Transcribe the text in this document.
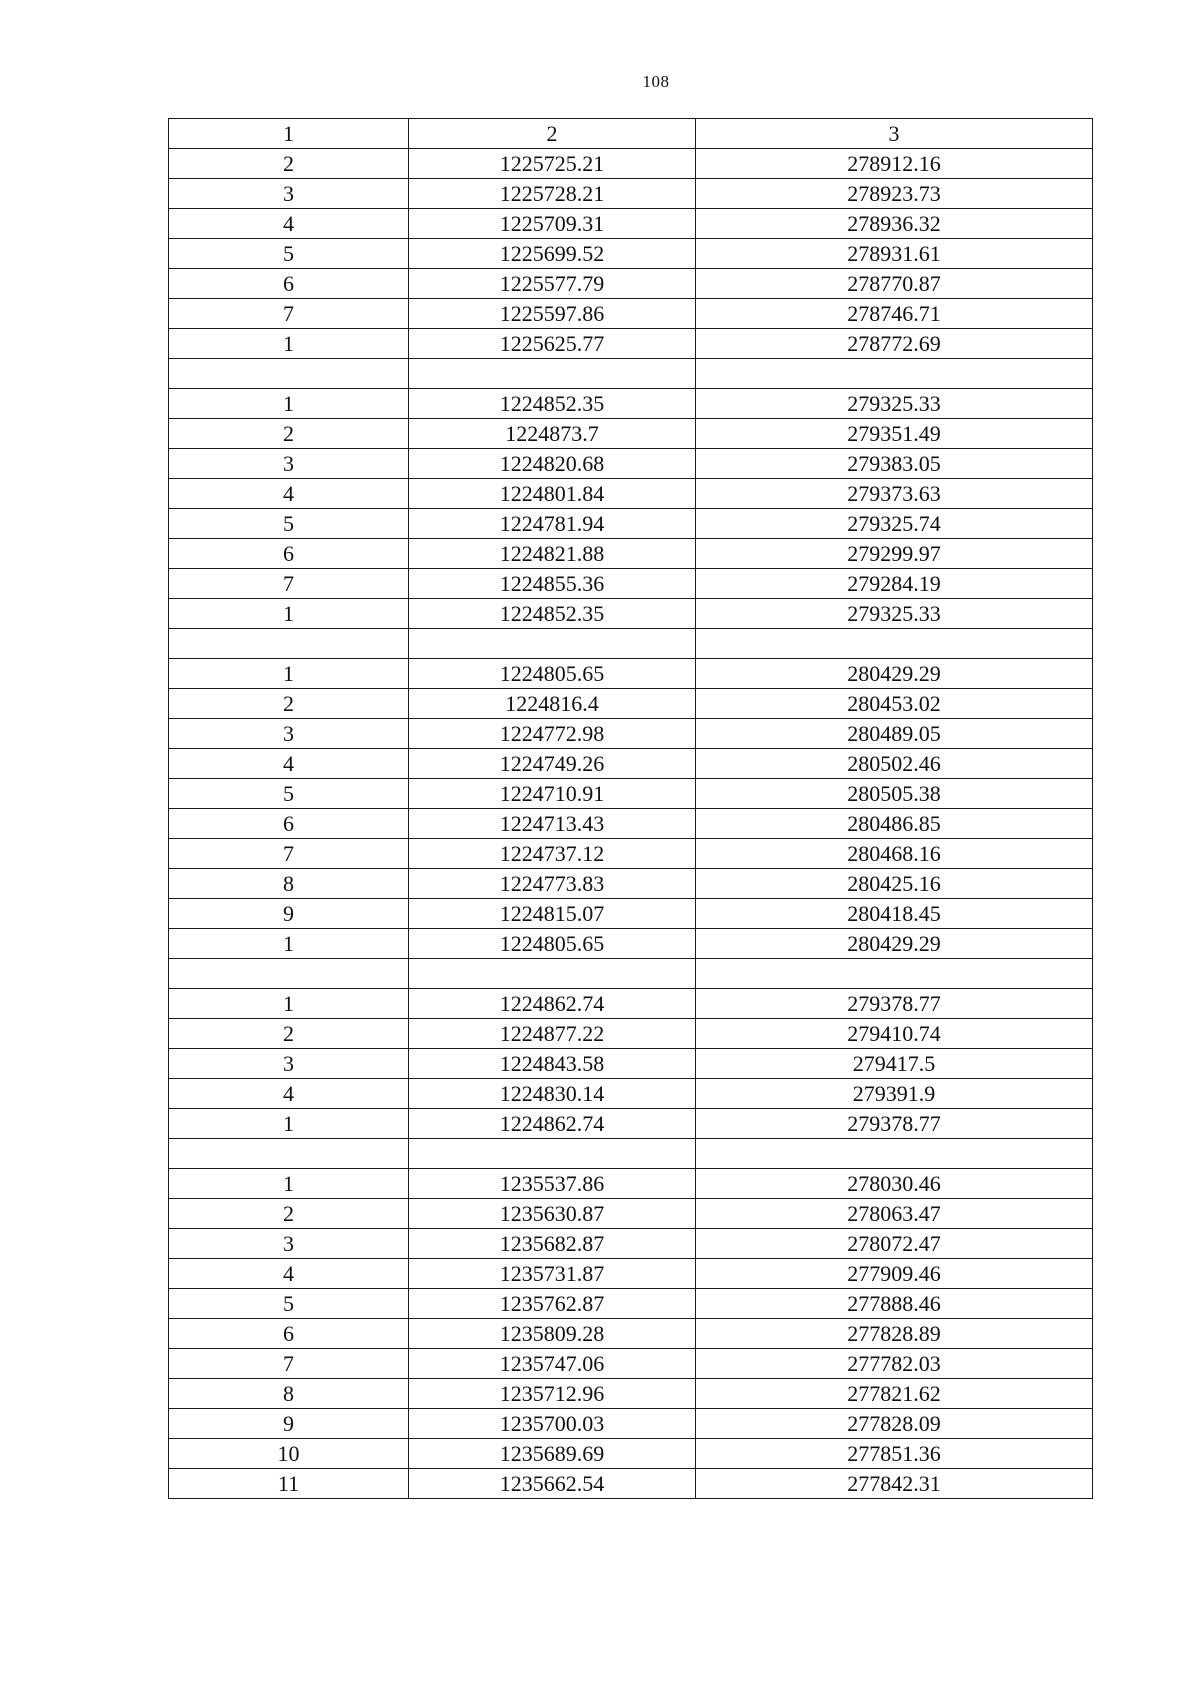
108
1	2	3
2	1225725.21	278912.16
3	1225728.21	278923.73
4	1225709.31	278936.32
5	1225699.52	278931.61
6	1225577.79	278770.87
7	1225597.86	278746.71
1	1225625.77	278772.69

1	1224852.35	279325.33
2	1224873.7	279351.49
3	1224820.68	279383.05
4	1224801.84	279373.63
5	1224781.94	279325.74
6	1224821.88	279299.97
7	1224855.36	279284.19
1	1224852.35	279325.33

1	1224805.65	280429.29
2	1224816.4	280453.02
3	1224772.98	280489.05
4	1224749.26	280502.46
5	1224710.91	280505.38
6	1224713.43	280486.85
7	1224737.12	280468.16
8	1224773.83	280425.16
9	1224815.07	280418.45
1	1224805.65	280429.29

1	1224862.74	279378.77
2	1224877.22	279410.74
3	1224843.58	279417.5
4	1224830.14	279391.9
1	1224862.74	279378.77

1	1235537.86	278030.46
2	1235630.87	278063.47
3	1235682.87	278072.47
4	1235731.87	277909.46
5	1235762.87	277888.46
6	1235809.28	277828.89
7	1235747.06	277782.03
8	1235712.96	277821.62
9	1235700.03	277828.09
10	1235689.69	277851.36
11	1235662.54	277842.31
